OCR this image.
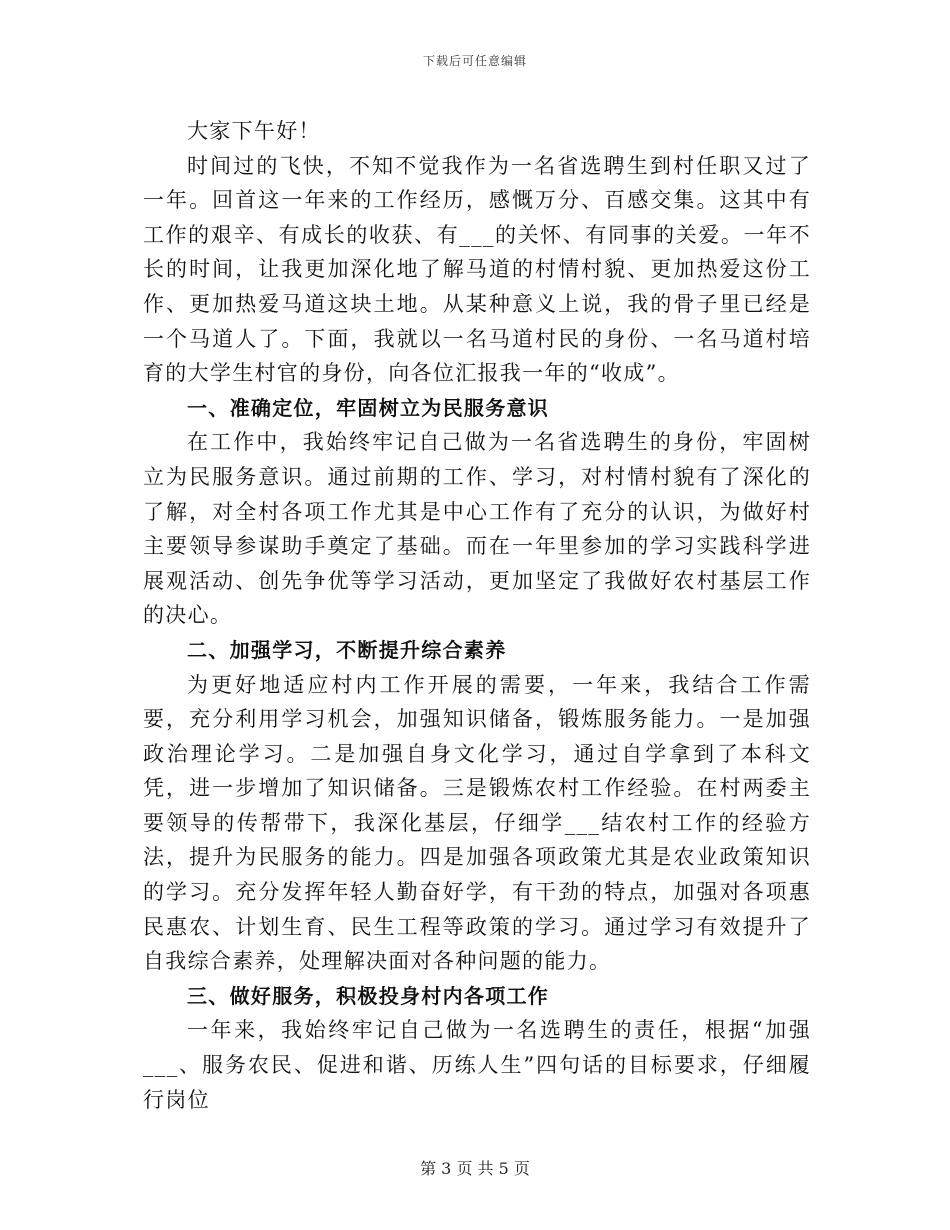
下载后可任意编辑

大家下午好！

时间过的飞快，不知不觉我作为一名省选聘生到村任职又过了一年。回首这一年来的工作经历，感慨万分、百感交集。这其中有工作的艰辛、有成长的收获、有___的关怀、有同事的关爱。一年不长的时间，让我更加深化地了解马道的村情村貌、更加热爱这份工作、更加热爱马道这块土地。从某种意义上说，我的骨子里已经是一个马道人了。下面，我就以一名马道村民的身份、一名马道村培育的大学生村官的身份，向各位汇报我一年的“收成”。

一、准确定位，牢固树立为民服务意识

在工作中，我始终牢记自己做为一名省选聘生的身份，牢固树立为民服务意识。通过前期的工作、学习，对村情村貌有了深化的了解，对全村各项工作尤其是中心工作有了充分的认识，为做好村主要领导参谋助手奠定了基础。而在一年里参加的学习实践科学进展观活动、创先争优等学习活动，更加坚定了我做好农村基层工作的决心。

二、加强学习，不断提升综合素养

为更好地适应村内工作开展的需要，一年来，我结合工作需要，充分利用学习机会，加强知识储备，锻炼服务能力。一是加强政治理论学习。二是加强自身文化学习，通过自学拿到了本科文凭，进一步增加了知识储备。三是锻炼农村工作经验。在村两委主要领导的传帮带下，我深化基层，仔细学___结农村工作的经验方法，提升为民服务的能力。四是加强各项政策尤其是农业政策知识的学习。充分发挥年轻人勤奋好学，有干劲的特点，加强对各项惠民惠农、计划生育、民生工程等政策的学习。通过学习有效提升了自我综合素养，处理解决面对各种问题的能力。

三、做好服务，积极投身村内各项工作

一年来，我始终牢记自己做为一名选聘生的责任，根据“加强___、服务农民、促进和谐、历练人生”四句话的目标要求，仔细履行岗位

第 3 页 共 5 页
